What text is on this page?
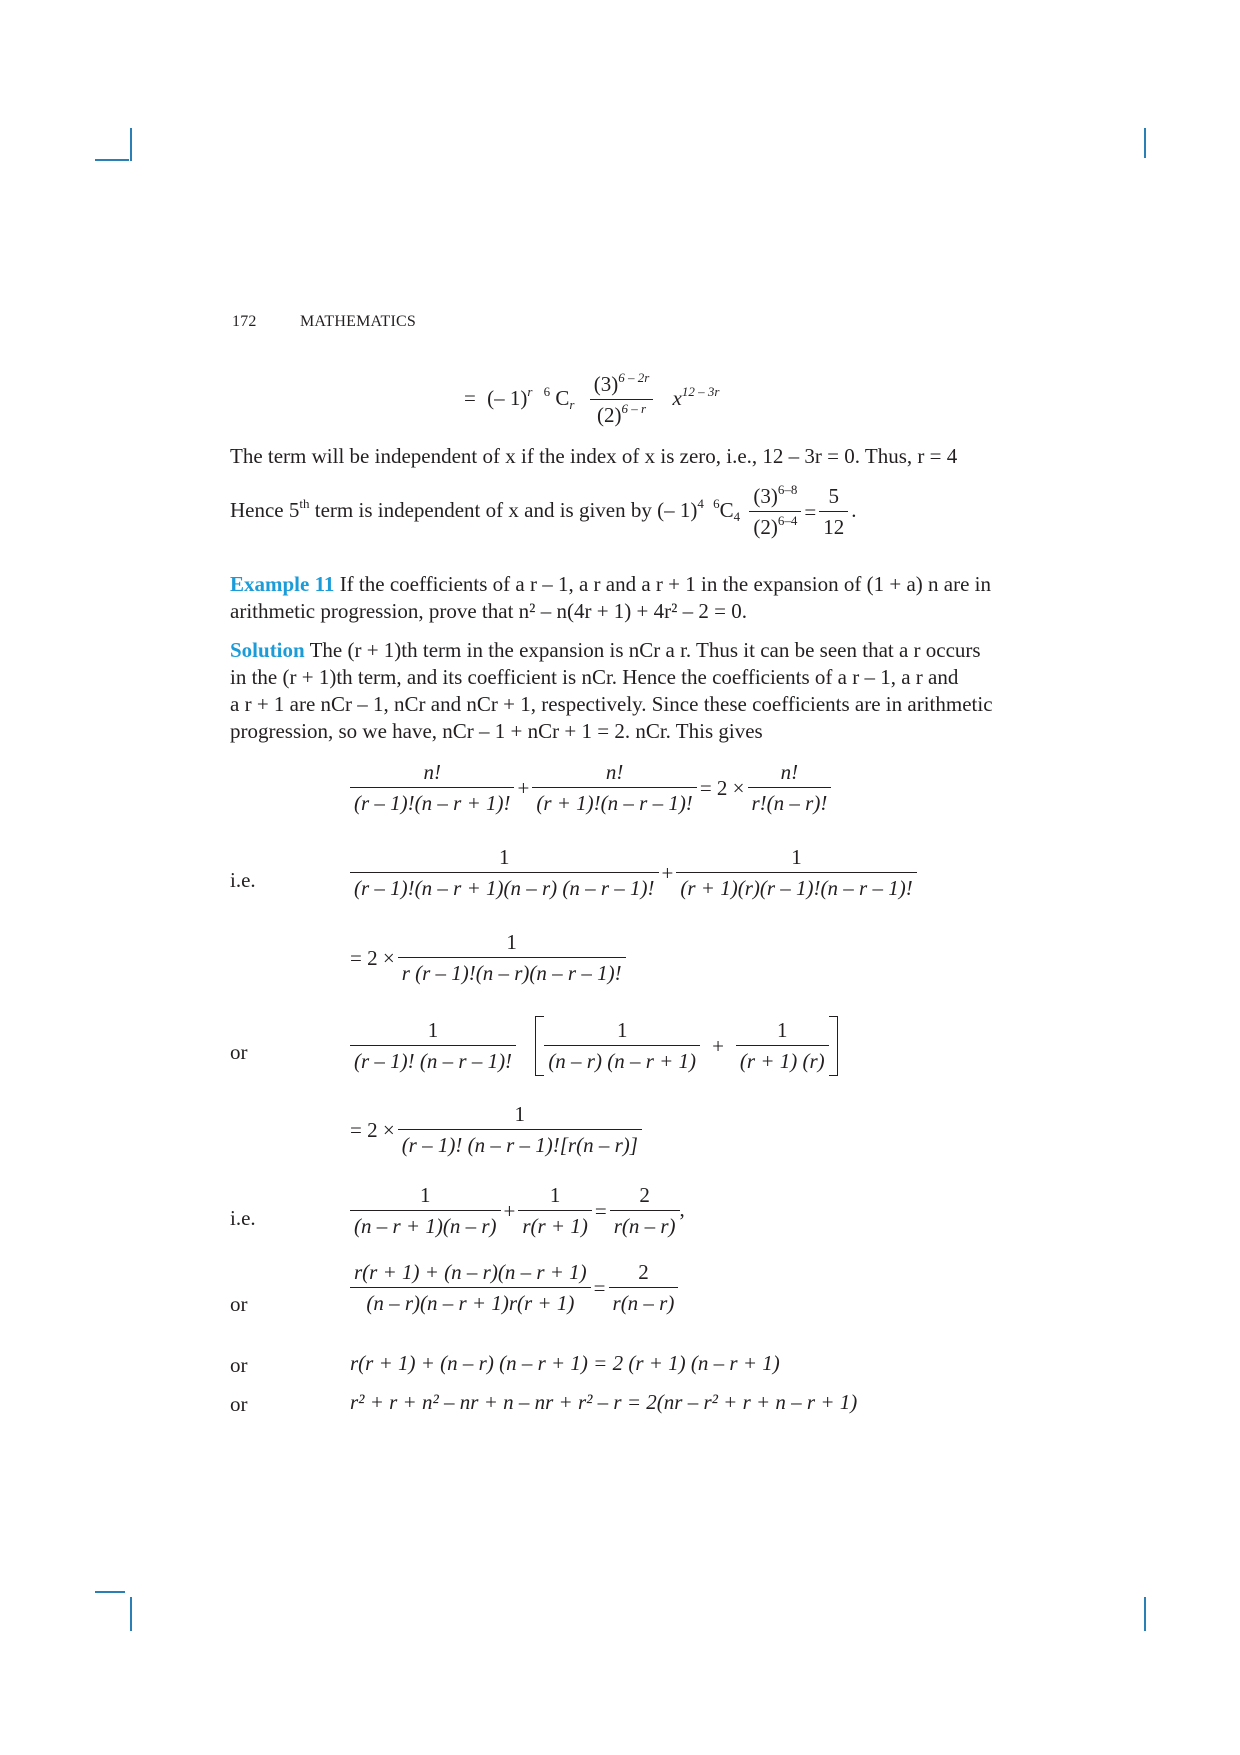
172	MATHEMATICS
= (– 1)$^r$ $^6$ $C_r \frac{(3)^{6 - 2r}}{(2)^{6 - r}} x^{12 - 3r}$
The term will be independent of x if the index of x is zero, i.e., 12 – 3r = 0. Thus, r = 4
Hence 5th term is independent of x and is given by (– 1)$^4$ $^6C_4 \frac{(3)^{6-8}}{(2)^{6-4}} = \frac{5}{12}$ .
Example 11 If the coefficients of a r – 1, a r and a r + 1 in the expansion of (1 + a) n are in
arithmetic progression, prove that n² – n(4r + 1) + 4r² – 2 = 0.
Solution The (r + 1)th term in the expansion is nCr a r. Thus it can be seen that a r occurs
in the (r + 1)th term, and its coefficient is nCr. Hence the coefficients of a r – 1, a r and
a r + 1 are nCr – 1, nCr and nCr + 1, respectively. Since these coefficients are in arithmetic
progression, so we have, nCr – 1 + nCr + 1 = 2. nCr. This gives
$\frac{n!}{(r - 1)!(n - r + 1)!} + \frac{n!}{(r + 1)!(n - r - 1)!} = 2 \times \frac{n!}{r!(n - r)!}$
i.e.	$\frac{1}{(r - 1)!(n - r + 1)(n - r) (n - r - 1)!} + \frac{1}{(r + 1)(r)(r - 1)!(n - r - 1)!}$
= $2 \times \frac{1}{r (r - 1)!(n - r)(n - r - 1)!}$
or	$\frac{1}{(r - 1)! (n - r - 1)!}$
$\frac{1}{(n - r) (n - r + 1)} + \frac{1}{(r + 1) (r)}$
= $2 \times \frac{1}{(r - 1)! (n - r - 1)![r(n - r)]}$
i.e.	$\frac{1}{(n - r + 1)(n - r)} + \frac{1}{r(r + 1)} = \frac{2}{r(n - r)}$ ,
or	$\frac{r(r + 1) + (n - r)(n - r + 1)}{(n - r)(n - r + 1)r(r + 1)} = \frac{2}{r(n - r)}$
or	r(r + 1) + (n – r) (n – r + 1) = 2 (r + 1) (n – r + 1)
or	r² + r + n² – nr + n – nr + r² – r = 2(nr – r² + r + n – r + 1)
